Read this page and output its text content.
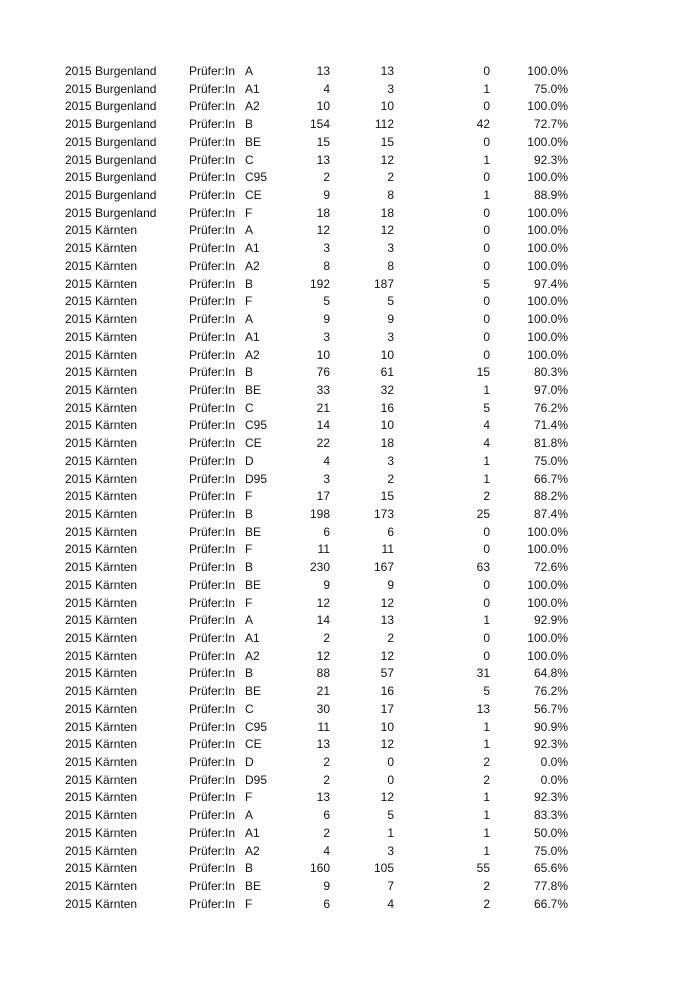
2015 Burgenland	Prüfer:In A	13	13	0	100.0%
2015 Burgenland	Prüfer:In A1	4	3	1	75.0%
2015 Burgenland	Prüfer:In A2	10	10	0	100.0%
2015 Burgenland	Prüfer:In B	154	112	42	72.7%
2015 Burgenland	Prüfer:In BE	15	15	0	100.0%
2015 Burgenland	Prüfer:In C	13	12	1	92.3%
2015 Burgenland	Prüfer:In C95	2	2	0	100.0%
2015 Burgenland	Prüfer:In CE	9	8	1	88.9%
2015 Burgenland	Prüfer:In F	18	18	0	100.0%
2015 Kärnten	Prüfer:In A	12	12	0	100.0%
2015 Kärnten	Prüfer:In A1	3	3	0	100.0%
2015 Kärnten	Prüfer:In A2	8	8	0	100.0%
2015 Kärnten	Prüfer:In B	192	187	5	97.4%
2015 Kärnten	Prüfer:In F	5	5	0	100.0%
2015 Kärnten	Prüfer:In A	9	9	0	100.0%
2015 Kärnten	Prüfer:In A1	3	3	0	100.0%
2015 Kärnten	Prüfer:In A2	10	10	0	100.0%
2015 Kärnten	Prüfer:In B	76	61	15	80.3%
2015 Kärnten	Prüfer:In BE	33	32	1	97.0%
2015 Kärnten	Prüfer:In C	21	16	5	76.2%
2015 Kärnten	Prüfer:In C95	14	10	4	71.4%
2015 Kärnten	Prüfer:In CE	22	18	4	81.8%
2015 Kärnten	Prüfer:In D	4	3	1	75.0%
2015 Kärnten	Prüfer:In D95	3	2	1	66.7%
2015 Kärnten	Prüfer:In F	17	15	2	88.2%
2015 Kärnten	Prüfer:In B	198	173	25	87.4%
2015 Kärnten	Prüfer:In BE	6	6	0	100.0%
2015 Kärnten	Prüfer:In F	11	11	0	100.0%
2015 Kärnten	Prüfer:In B	230	167	63	72.6%
2015 Kärnten	Prüfer:In BE	9	9	0	100.0%
2015 Kärnten	Prüfer:In F	12	12	0	100.0%
2015 Kärnten	Prüfer:In A	14	13	1	92.9%
2015 Kärnten	Prüfer:In A1	2	2	0	100.0%
2015 Kärnten	Prüfer:In A2	12	12	0	100.0%
2015 Kärnten	Prüfer:In B	88	57	31	64.8%
2015 Kärnten	Prüfer:In BE	21	16	5	76.2%
2015 Kärnten	Prüfer:In C	30	17	13	56.7%
2015 Kärnten	Prüfer:In C95	11	10	1	90.9%
2015 Kärnten	Prüfer:In CE	13	12	1	92.3%
2015 Kärnten	Prüfer:In D	2	0	2	0.0%
2015 Kärnten	Prüfer:In D95	2	0	2	0.0%
2015 Kärnten	Prüfer:In F	13	12	1	92.3%
2015 Kärnten	Prüfer:In A	6	5	1	83.3%
2015 Kärnten	Prüfer:In A1	2	1	1	50.0%
2015 Kärnten	Prüfer:In A2	4	3	1	75.0%
2015 Kärnten	Prüfer:In B	160	105	55	65.6%
2015 Kärnten	Prüfer:In BE	9	7	2	77.8%
2015 Kärnten	Prüfer:In F	6	4	2	66.7%
